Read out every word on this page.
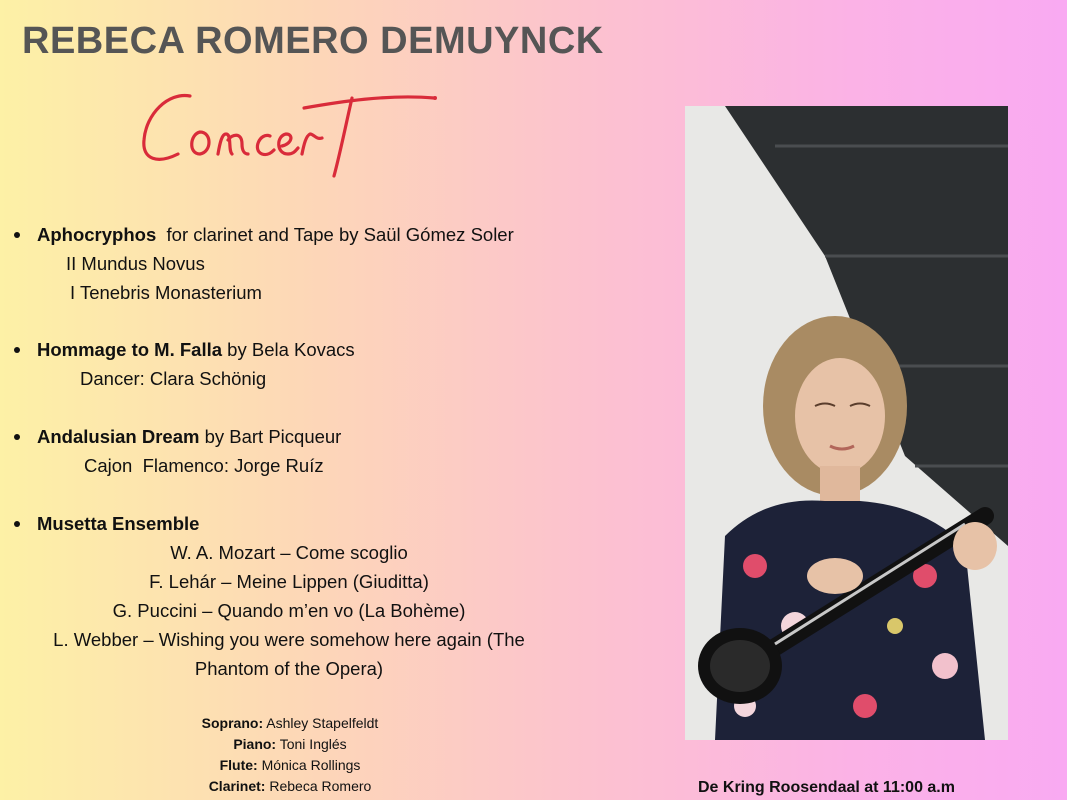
REBECA ROMERO DEMUYNCK
Aphocryphos  for clarinet and Tape by Saül Gómez Soler
II Mundus Novus
I Tenebris Monasterium
Hommage to M. Falla by Bela Kovacs
Dancer: Clara Schönig
Andalusian Dream by Bart Picqueur
Cajon  Flamenco: Jorge Ruíz
Musetta Ensemble
W. A. Mozart – Come scoglio
F. Lehár – Meine Lippen (Giuditta)
G. Puccini – Quando m’en vo (La Bohème)
L. Webber – Wishing you were somehow here again (The
Phantom of the Opera)
Soprano: Ashley Stapelfeldt
Piano: Toni Inglés
Flute: Mónica Rollings
Clarinet: Rebeca Romero	De Kring Roosendaal at 11:00 a.m
